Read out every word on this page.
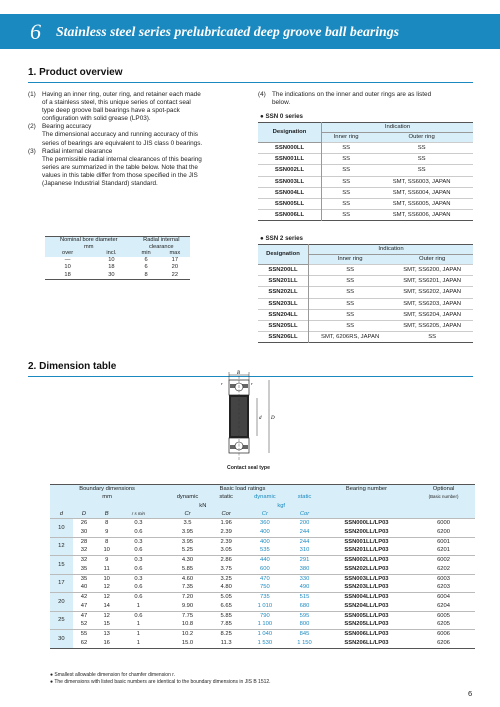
6	Stainless steel series prelubricated deep groove ball bearings
1. Product overview
(1) Having an inner ring, outer ring, and retainer each made
of a stainless steel, this unique series of contact seal
type deep groove ball bearings have a spot-pack
configuration with solid grease (LP03).
(2) Bearing accuracy
The dimensional accuracy and running accuracy of this
series of bearings are equivalent to JIS class 0 bearings.
(3) Radial internal clearance
The permissible radial internal clearances of this bearing
series are summarized in the table below. Note that the
values in this table differ from those specified in the JIS
(Japanese Industrial Standard) standard.
(4) The indications on the inner and outer rings are as listed
below.
Nominal bore diameter		Radial internal	
mm		clearance	
over	incl.	min	max
—	10	6	17
10	18	6	20
18	30	8	22
● SSN 0 series
Designation	Indication	
	Inner ring	Outer ring
SSN000LL	SS	SS
SSN001LL	SS	SS
SSN002LL	SS	SS
SSN003LL	SS	SMT, SS6003, JAPAN
SSN004LL	SS	SMT, SS6004, JAPAN
SSN005LL	SS	SMT, SS6005, JAPAN
SSN006LL	SS	SMT, SS6006, JAPAN
● SSN 2 series
Designation	Indication	
	Inner ring	Outer ring
SSN200LL	SS	SMT, SS6200, JAPAN
SSN201LL	SS	SMT, SS6201, JAPAN
SSN202LL	SS	SMT, SS6202, JAPAN
SSN203LL	SS	SMT, SS6203, JAPAN
SSN204LL	SS	SMT, SS6204, JAPAN
SSN205LL	SS	SMT, SS6205, JAPAN
SSN206LL	SMT, 6206RS, JAPAN	SS
2. Dimension table
B
r
r
d D
Contact seal type
Boundary dimensions					Basic load ratings				Bearing number	Optional
mm					dynamic	static	dynamic	static		(Basic number)
					kN		kgf			
d	D	B	r s min		Cr	Cor	Cr	Cor		
10	26	8	0.3		3.5	1.96	360	200	SSN000LL/LP03	6000
	30	9	0.6		3.95	2.39	400	244	SSN200LL/LP03	6200
12	28	8	0.3		3.95	2.39	400	244	SSN001LL/LP03	6001
	32	10	0.6		5.25	3.05	535	310	SSN201LL/LP03	6201
15	32	9	0.3		4.30	2.86	440	291	SSN002LL/LP03	6002
	35	11	0.6		5.85	3.75	600	380	SSN202LL/LP03	6202
17	35	10	0.3		4.60	3.25	470	330	SSN003LL/LP03	6003
	40	12	0.6		7.35	4.80	750	490	SSN203LL/LP03	6203
20	42	12	0.6		7.20	5.05	735	515	SSN004LL/LP03	6004
	47	14	1		9.90	6.65	1 010	680	SSN204LL/LP03	6204
25	47	12	0.6		7.75	5.85	790	595	SSN005LL/LP03	6005
	52	15	1		10.8	7.85	1 100	800	SSN205LL/LP03	6205
30	55	13	1		10.2	8.25	1 040	845	SSN006LL/LP03	6006
	62	16	1		15.0	11.3	1 530	1 150	SSN206LL/LP03	6206
● Smallest allowable dimension for chamfer dimension r.
● The dimensions with listed basic numbers are identical to the boundary dimensions in JIS B 1512.
6
